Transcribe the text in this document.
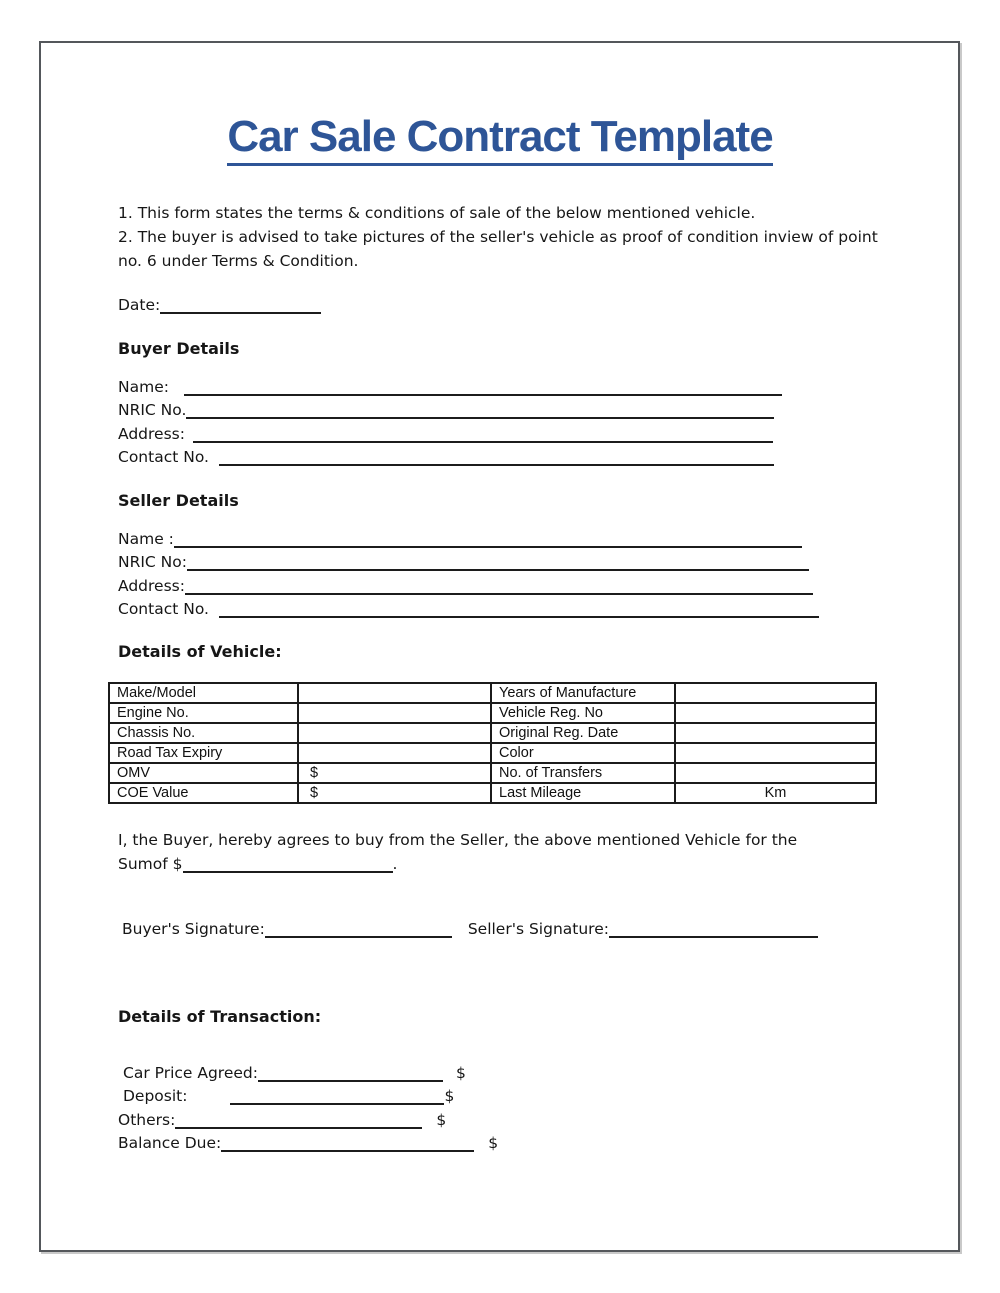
Car Sale Contract Template

1. This form states the terms & conditions of sale of the below mentioned vehicle.

2. The buyer is advised to take pictures of the seller's vehicle as proof of condition inview of point no. 6 under Terms & Condition.

Date:
Buyer Details
Name:
NRIC No.
Address:
Contact No.
Seller Details
Name :
NRIC No:
Address:
Contact No.
Details of Vehicle:
Make/Model		Years of Manufacture	
Engine No.		Vehicle Reg. No	
Chassis No.		Original Reg. Date	
Road Tax Expiry		Color	
OMV	$	No. of Transfers	
COE Value	$	Last Mileage	Km
I, the Buyer, hereby agrees to buy from the Seller, the above mentioned Vehicle for the
Sumof $	.
Buyer's Signature:	Seller's Signature:
Details of Transaction:
Car Price Agreed:	$
Deposit:	$
Others:	$
Balance Due:	$
